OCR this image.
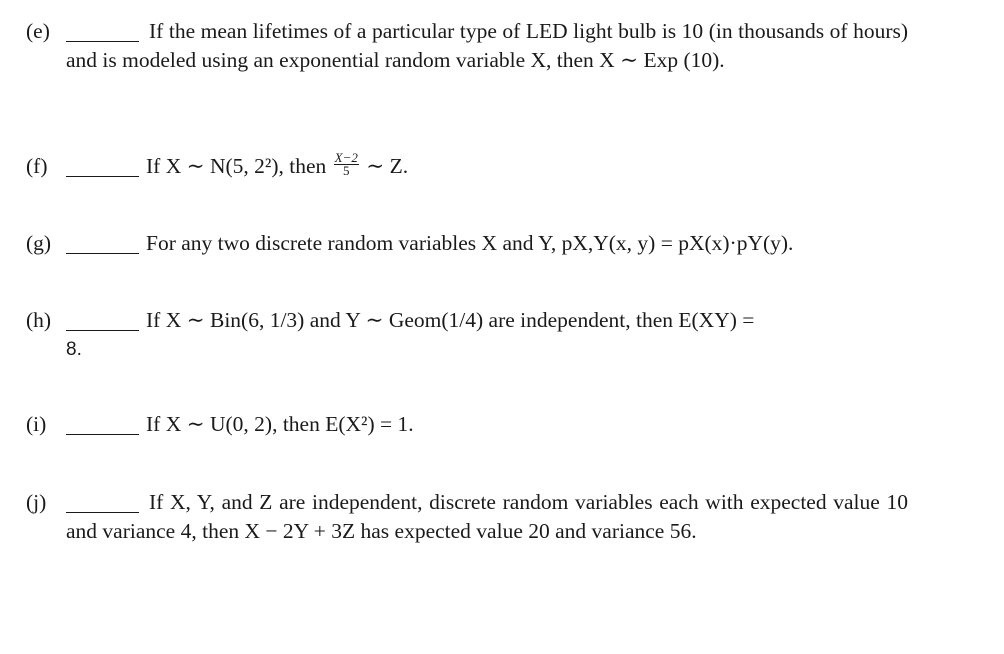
(e)	If the mean lifetimes of a particular type of LED light bulb is 10 (in thousands of hours) and is modeled using an exponential random variable X, then X ∼ Exp (10).
(f)	If X ∼ N(5, 2²), then $\frac{X-2}{5}$ ∼ Z.
(g)	For any two discrete random variables X and Y, pX,Y(x, y) = pX(x)·pY(y).
(h)	If X ∼ Bin(6, 1/3) and Y ∼ Geom(1/4) are independent, then E(XY) =
8.
(i)	If X ∼ U(0, 2), then E(X²) = 1.
(j)	If X, Y, and Z are independent, discrete random variables each with expected value 10 and variance 4, then X − 2Y + 3Z has expected value 20 and variance 56.
